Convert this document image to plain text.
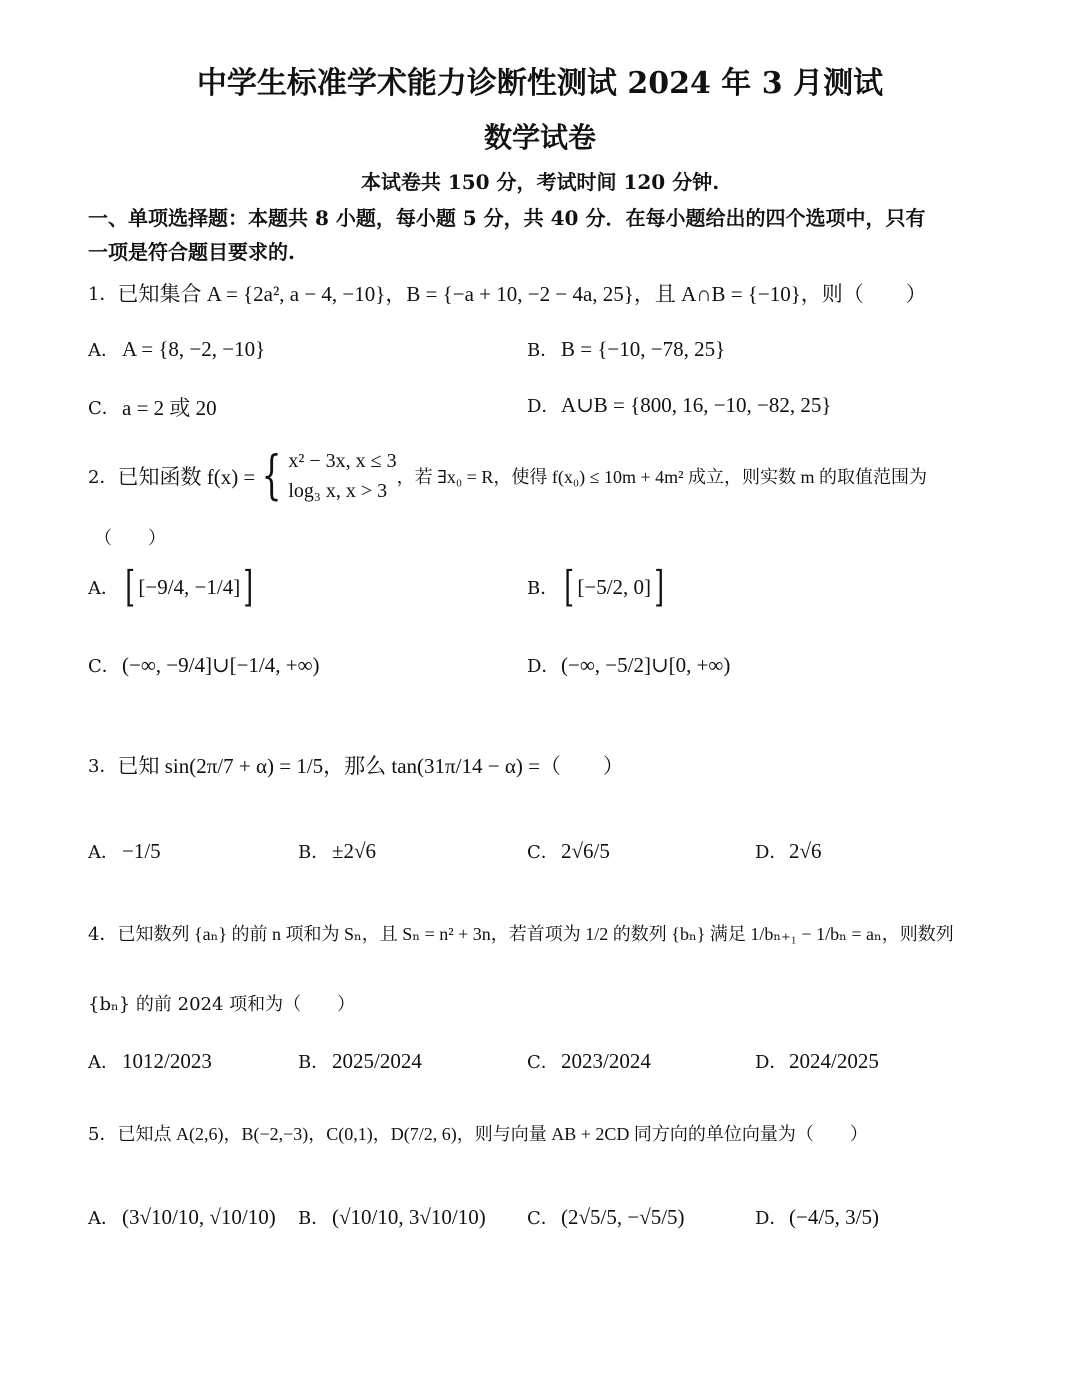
中学生标准学术能力诊断性测试 2024 年 3 月测试
数学试卷
本试卷共 150 分，考试时间 120 分钟.
一、单项选择题：本题共 8 小题，每小题 5 分，共 40 分．在每小题给出的四个选项中，只有
一项是符合题目要求的.
1． 已知集合 A = {2a², a − 4, −10}，B = {−a + 10, −2 − 4a, 25}，且 A∩B = {−10}，则（　　）
A． A = {8, −2, −10}	B． B = {−10, −78, 25}
C． a = 2 或 20	D． A∪B = {800, 16, −10, −82, 25}
2． 已知函数 f(x) = { x² − 3x, x ≤ 3
log₃ x, x > 3
，若 ∃x₀ = R，使得 f(x₀) ≤ 10m + 4m² 成立，则实数 m 的取值范围为
（　　）
A． [ [−9/4, −1/4] ]	B． [ [−5/2, 0] ]
C． (−∞, −9/4]∪[−1/4, +∞)	D． (−∞, −5/2]∪[0, +∞)
3． 已知 sin(2π/7 + α) = 1/5，那么 tan(31π/14 − α) =（　　）
A． −1/5	B． ±2√6	C． 2√6/5	D． 2√6
4． 已知数列 {aₙ} 的前 n 项和为 Sₙ，且 Sₙ = n² + 3n，若首项为 1/2 的数列 {bₙ} 满足 1/bₙ₊₁ − 1/bₙ = aₙ，则数列
{bₙ} 的前 2024 项和为（　　）
A． 1012/2023	B． 2025/2024	C． 2023/2024	D． 2024/2025
5． 已知点 A(2,6)，B(−2,−3)，C(0,1)，D(7/2, 6)，则与向量 AB + 2CD 同方向的单位向量为（　　）
A． (3√10/10, √10/10) B． (√10/10, 3√10/10) C． (2√5/5, −√5/5)	D． (−4/5, 3/5)
